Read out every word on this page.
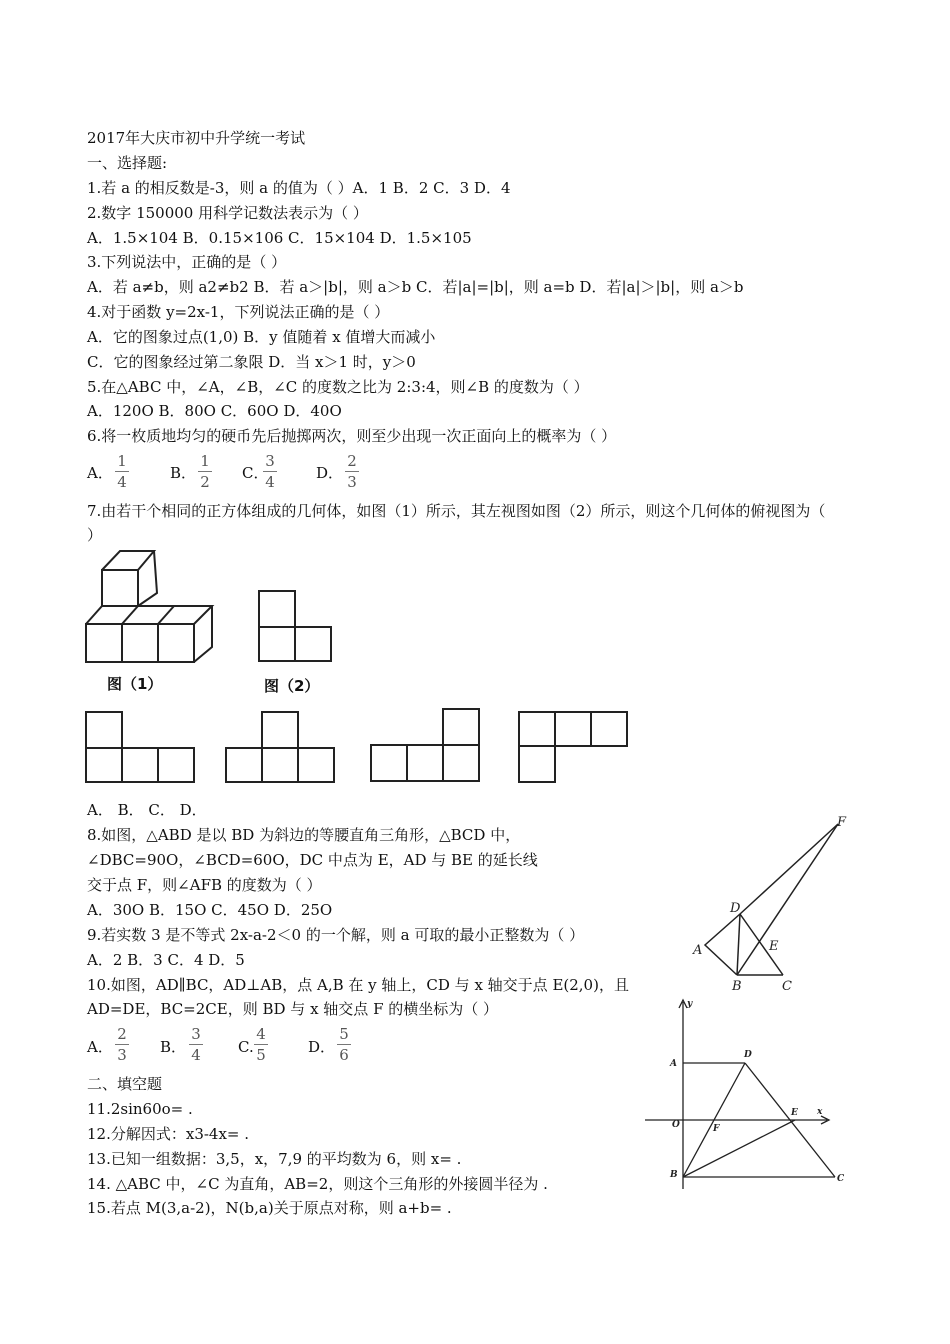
2017年大庆市初中升学统一考试
一、选择题:
1.若 a 的相反数是-3，则 a 的值为（ ）A．1 B．2 C．3 D．4
2.数字 150000 用科学记数法表示为（ ）
A．1.5×104 B．0.15×106 C．15×104 D．1.5×105
3.下列说法中，正确的是（ ）
A．若 a≠b，则 a2≠b2 B．若 a＞|b|，则 a＞b C．若|a|=|b|，则 a=b D．若|a|＞|b|，则 a＞b
4.对于函数 y=2x-1，下列说法正确的是（ ）
A．它的图象过点(1,0) B．y 值随着 x 值增大而减小
C．它的图象经过第二象限 D．当 x＞1 时，y＞0
5.在△ABC 中，∠A，∠B，∠C 的度数之比为 2:3:4，则∠B 的度数为（ ）
A．120O B．80O C．60O D．40O
6.将一枚质地均匀的硬币先后抛掷两次，则至少出现一次正面向上的概率为（ ）
A．
1
4	B．
1
2	C．
3
4	D．
2
3
7.由若干个相同的正方体组成的几何体，如图（1）所示，其左视图如图（2）所示，则这个几何体的俯视图为（
）
图（1）	图（2）
A． B． C． D．
8.如图，△ABD 是以 BD 为斜边的等腰直角三角形，△BCD 中，
∠DBC=90O，∠BCD=60O，DC 中点为 E，AD 与 BE 的延长线
交于点 F，则∠AFB 的度数为（ ）
A．30O B．15O C．45O D．25O
9.若实数 3 是不等式 2x-a-2＜0 的一个解，则 a 可取的最小正整数为（ ）
A．2 B．3 C．4 D．5
10.如图，AD∥BC，AD⊥AB，点 A,B 在 y 轴上，CD 与 x 轴交于点 E(2,0)，且
AD=DE，BC=2CE，则 BD 与 x 轴交点 F 的横坐标为（ ）
A．
2
3	B．
3
4	C.
4
5	D．
5
6
二、填空题
11.2sin60o= .
12.分解因式：x3-4x= .
13.已知一组数据：3,5，x，7,9 的平均数为 6，则 x= .
14. △ABC 中，∠C 为直角，AB=2，则这个三角形的外接圆半径为 .
15.若点 M(3,a-2)，N(b,a)关于原点对称，则 a+b= .
F
D
A	E
B	C
y
A
D
O	F
E x
B	C
